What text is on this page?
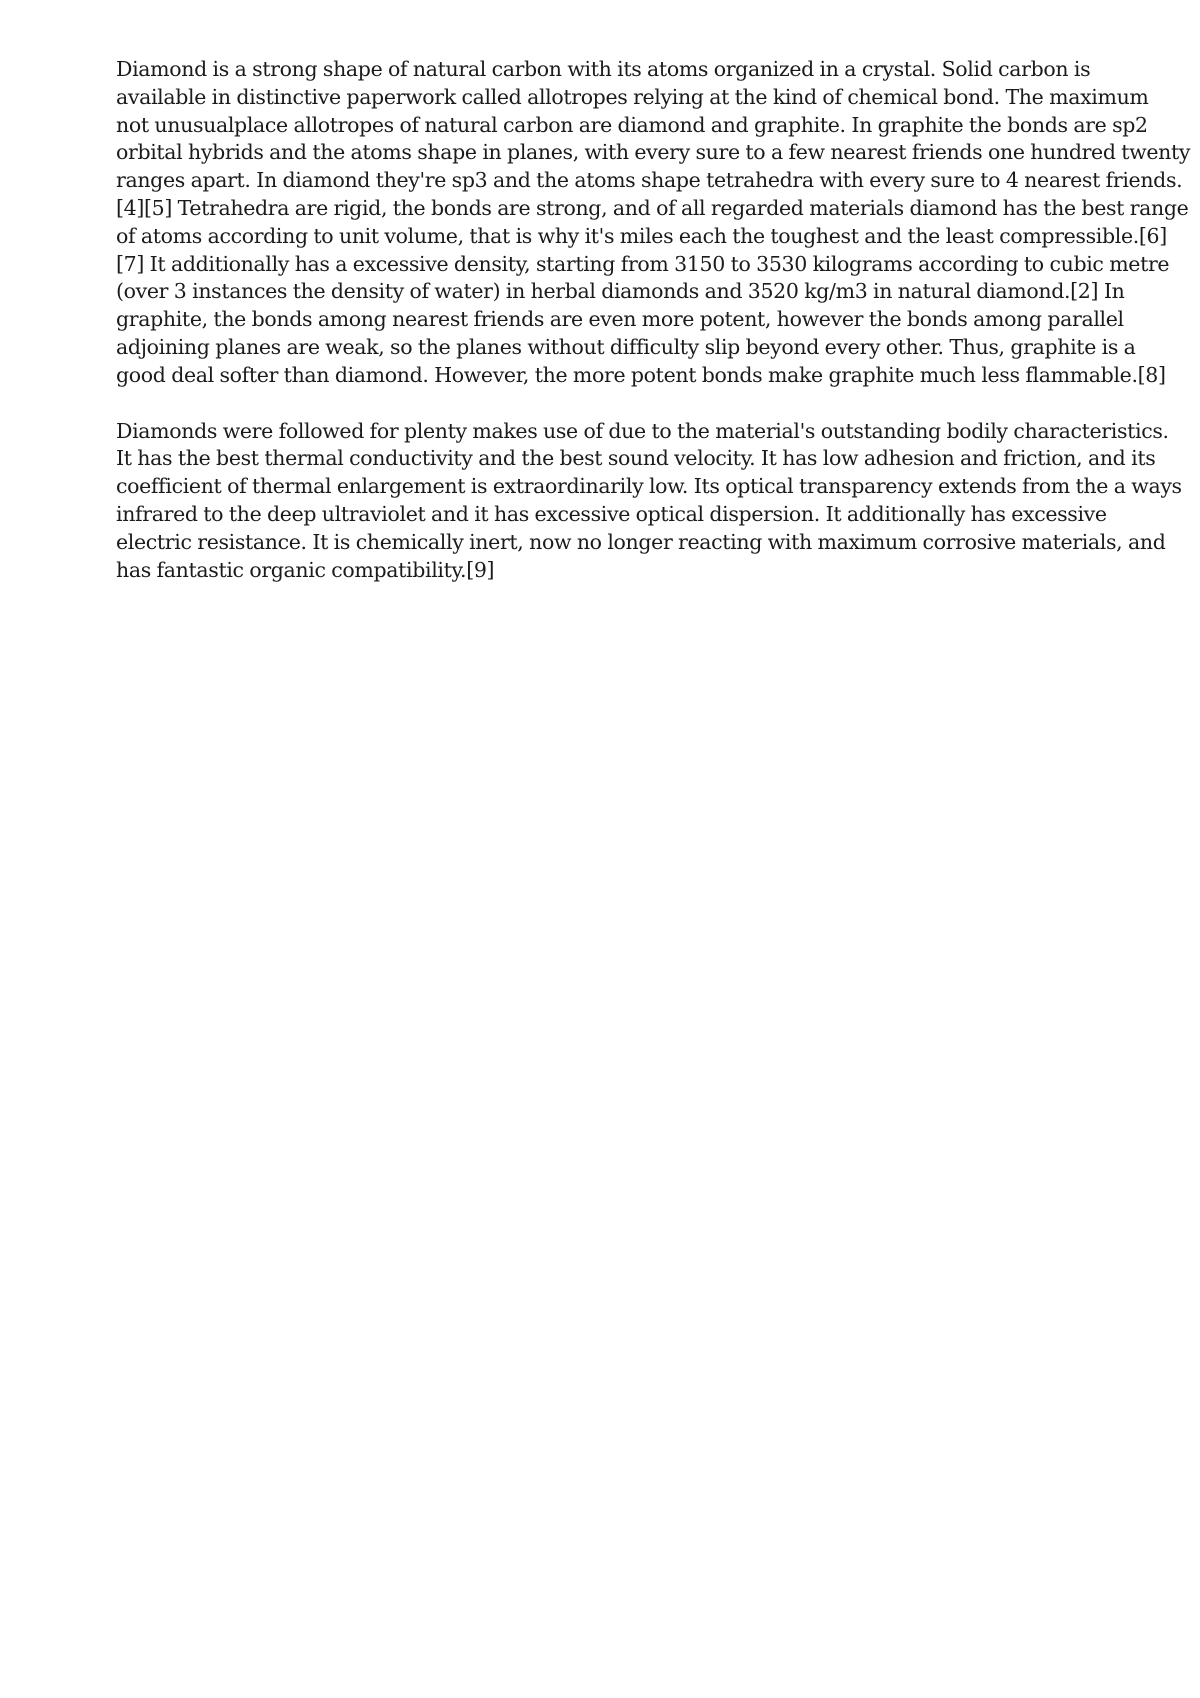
Diamond is a strong shape of natural carbon with its atoms organized in a crystal. Solid carbon is
available in distinctive paperwork called allotropes relying at the kind of chemical bond. The maximum
not unusualplace allotropes of natural carbon are diamond and graphite. In graphite the bonds are sp2
orbital hybrids and the atoms shape in planes, with every sure to a few nearest friends one hundred twenty
ranges apart. In diamond they're sp3 and the atoms shape tetrahedra with every sure to 4 nearest friends.
[4][5] Tetrahedra are rigid, the bonds are strong, and of all regarded materials diamond has the best range
of atoms according to unit volume, that is why it's miles each the toughest and the least compressible.[6]
[7] It additionally has a excessive density, starting from 3150 to 3530 kilograms according to cubic metre
(over 3 instances the density of water) in herbal diamonds and 3520 kg/m3 in natural diamond.[2] In
graphite, the bonds among nearest friends are even more potent, however the bonds among parallel
adjoining planes are weak, so the planes without difficulty slip beyond every other. Thus, graphite is a
good deal softer than diamond. However, the more potent bonds make graphite much less flammable.[8]

Diamonds were followed for plenty makes use of due to the material's outstanding bodily characteristics.
It has the best thermal conductivity and the best sound velocity. It has low adhesion and friction, and its
coefficient of thermal enlargement is extraordinarily low. Its optical transparency extends from the a ways
infrared to the deep ultraviolet and it has excessive optical dispersion. It additionally has excessive
electric resistance. It is chemically inert, now no longer reacting with maximum corrosive materials, and
has fantastic organic compatibility.[9]
